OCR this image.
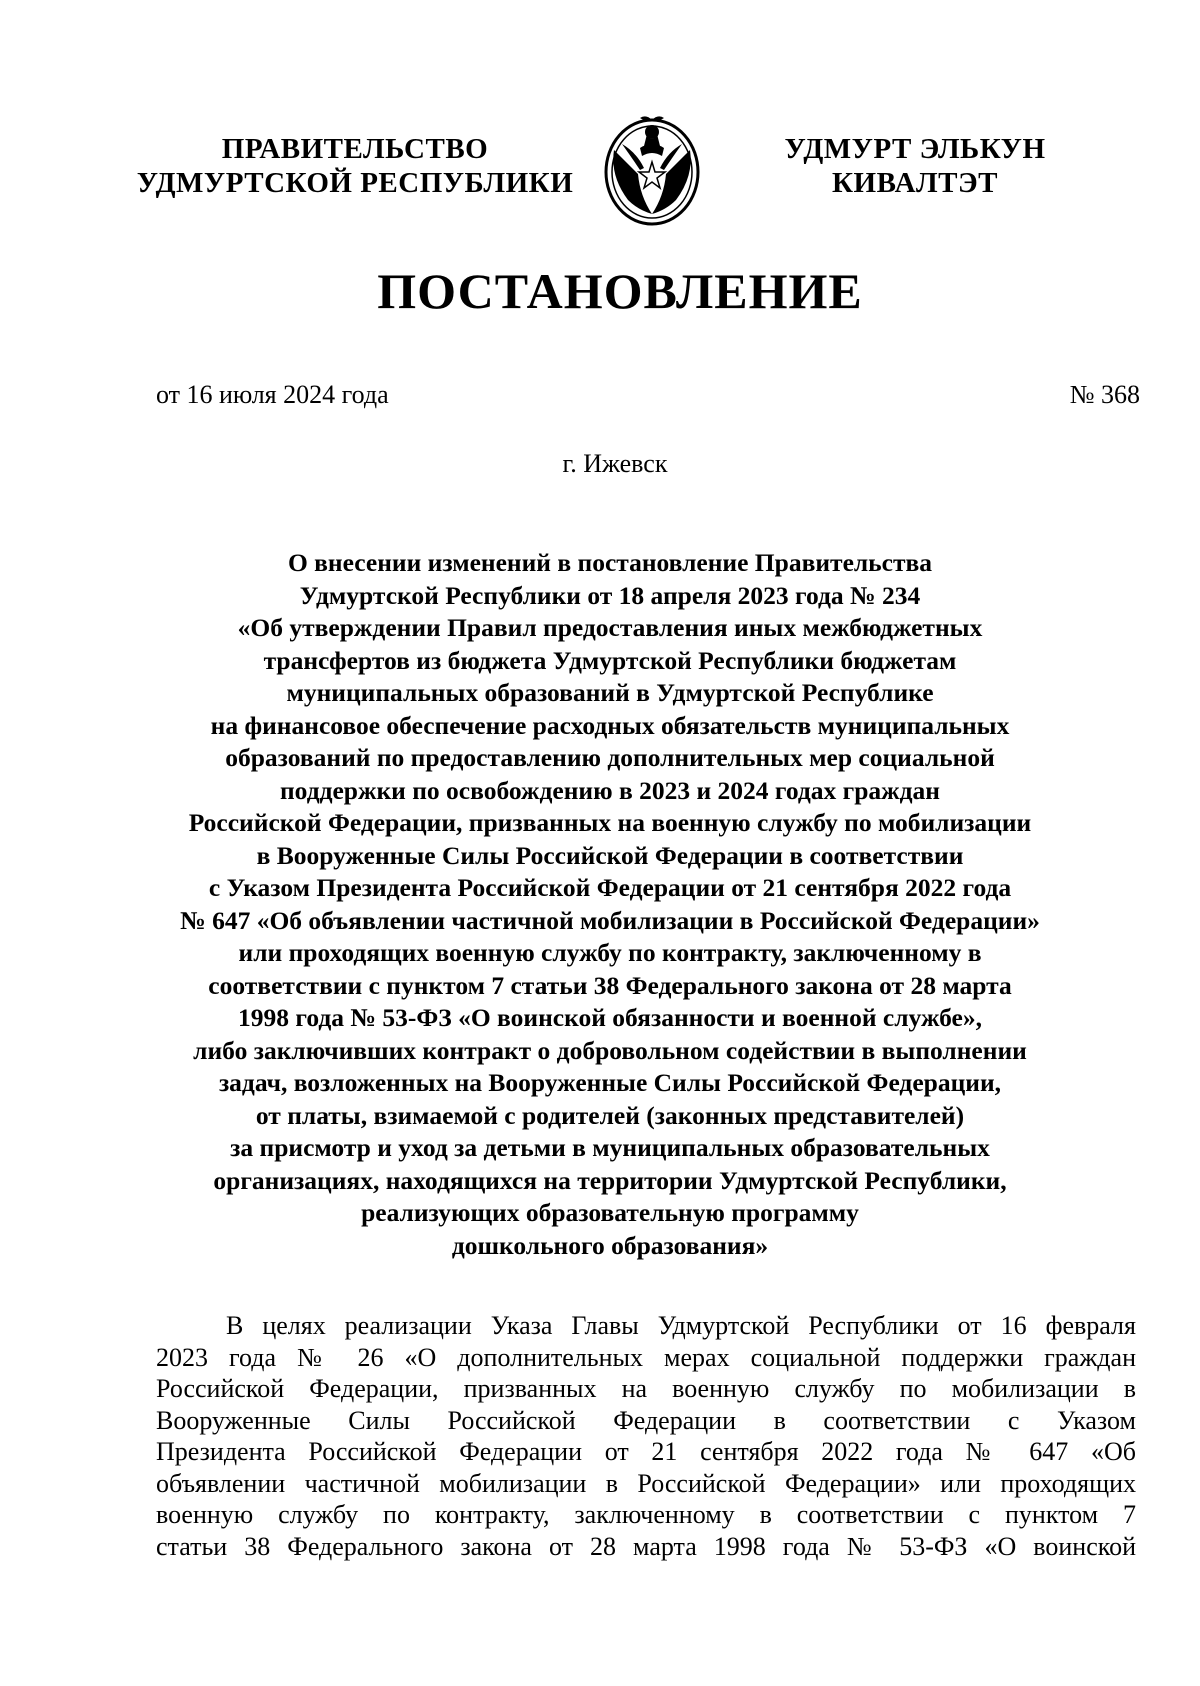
ПРАВИТЕЛЬСТВО
УДМУРТСКОЙ РЕСПУБЛИКИ
УДМУРТ ЭЛЬКУН
КИВАЛТЭТ
ПОСТАНОВЛЕНИЕ
от 16 июля 2024 года	№ 368
г. Ижевск
О внесении изменений в постановление Правительства
Удмуртской Республики от 18 апреля 2023 года № 234
«Об утверждении Правил предоставления иных межбюджетных
трансфертов из бюджета Удмуртской Республики бюджетам
муниципальных образований в Удмуртской Республике
на финансовое обеспечение расходных обязательств муниципальных
образований по предоставлению дополнительных мер социальной
поддержки по освобождению в 2023 и 2024 годах граждан
Российской Федерации, призванных на военную службу по мобилизации
в Вооруженные Силы Российской Федерации в соответствии
с Указом Президента Российской Федерации от 21 сентября 2022 года
№ 647 «Об объявлении частичной мобилизации в Российской Федерации»
или проходящих военную службу по контракту, заключенному в
соответствии с пунктом 7 статьи 38 Федерального закона от 28 марта
1998 года № 53-ФЗ «О воинской обязанности и военной службе»,
либо заключивших контракт о добровольном содействии в выполнении
задач, возложенных на Вооруженные Силы Российской Федерации,
от платы, взимаемой с родителей (законных представителей)
за присмотр и уход за детьми в муниципальных образовательных
организациях, находящихся на территории Удмуртской Республики,
реализующих образовательную программу
дошкольного образования»
В целях реализации Указа Главы Удмуртской Республики от 16 февраля
2023 года № 26 «О дополнительных мерах социальной поддержки граждан
Российской Федерации, призванных на военную службу по мобилизации в
Вооруженные Силы Российской Федерации в соответствии с Указом
Президента Российской Федерации от 21 сентября 2022 года № 647 «Об
объявлении частичной мобилизации в Российской Федерации» или проходящих
военную службу по контракту, заключенному в соответствии с пунктом 7
статьи 38 Федерального закона от 28 марта 1998 года № 53-ФЗ «О воинской
